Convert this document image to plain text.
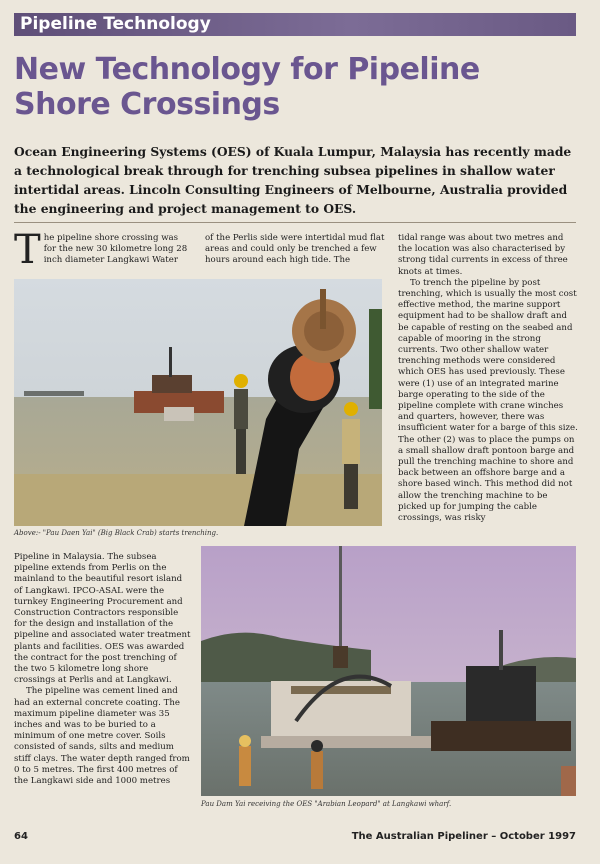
Pipeline Technology
New Technology for Pipeline
Shore Crossings
Ocean Engineering Systems (OES) of Kuala Lumpur, Malaysia has recently made a technological break through for trenching subsea pipelines in shallow water intertidal areas. Lincoln Consulting Engineers of Melbourne, Australia provided the engineering and project management to OES.

The pipeline shore crossing was for the new 30 kilometre long 28 inch diameter Langkawi Water

of the Perlis side were intertidal mud flat areas and could only be trenched a few hours around each high tide. The

tidal range was about two metres and the location was also characterised by strong tidal currents in excess of three knots at times.

To trench the pipeline by post trenching, which is usually the most cost effective method, the marine support equipment had to be shallow draft and be capable of resting on the seabed and capable of mooring in the strong currents. Two other shallow water trenching methods were considered which OES has used previously. These were (1) use of an integrated marine barge operating to the side of the pipeline complete with crane winches and quarters, however, there was insufficient water for a barge of this size. The other (2) was to place the pumps on a small shallow draft pontoon barge and pull the trenching machine to shore and back between an offshore barge and a shore based winch. This method did not allow the trenching machine to be picked up for jumping the cable crossings, was risky

Above:- "Pau Daen Yai" (Big Black Crab) starts trenching.

Pipeline in Malaysia. The subsea pipeline extends from Perlis on the mainland to the beautiful resort island of Langkawi. IPCO-ASAL were the turnkey Engineering Procurement and Construction Contractors responsible for the design and installation of the pipeline and associated water treatment plants and facilities. OES was awarded the contract for the post trenching of the two 5 kilometre long shore crossings at Perlis and at Langkawi.

The pipeline was cement lined and had an external concrete coating. The maximum pipeline diameter was 35 inches and was to be buried to a minimum of one metre cover. Soils consisted of sands, silts and medium stiff clays. The water depth ranged from 0 to 5 metres. The first 400 metres of the Langkawi side and 1000 metres

Pau Dam Yai receiving the OES "Arabian Leopard" at Langkawi wharf.
64	The Australian Pipeliner – October 1997
